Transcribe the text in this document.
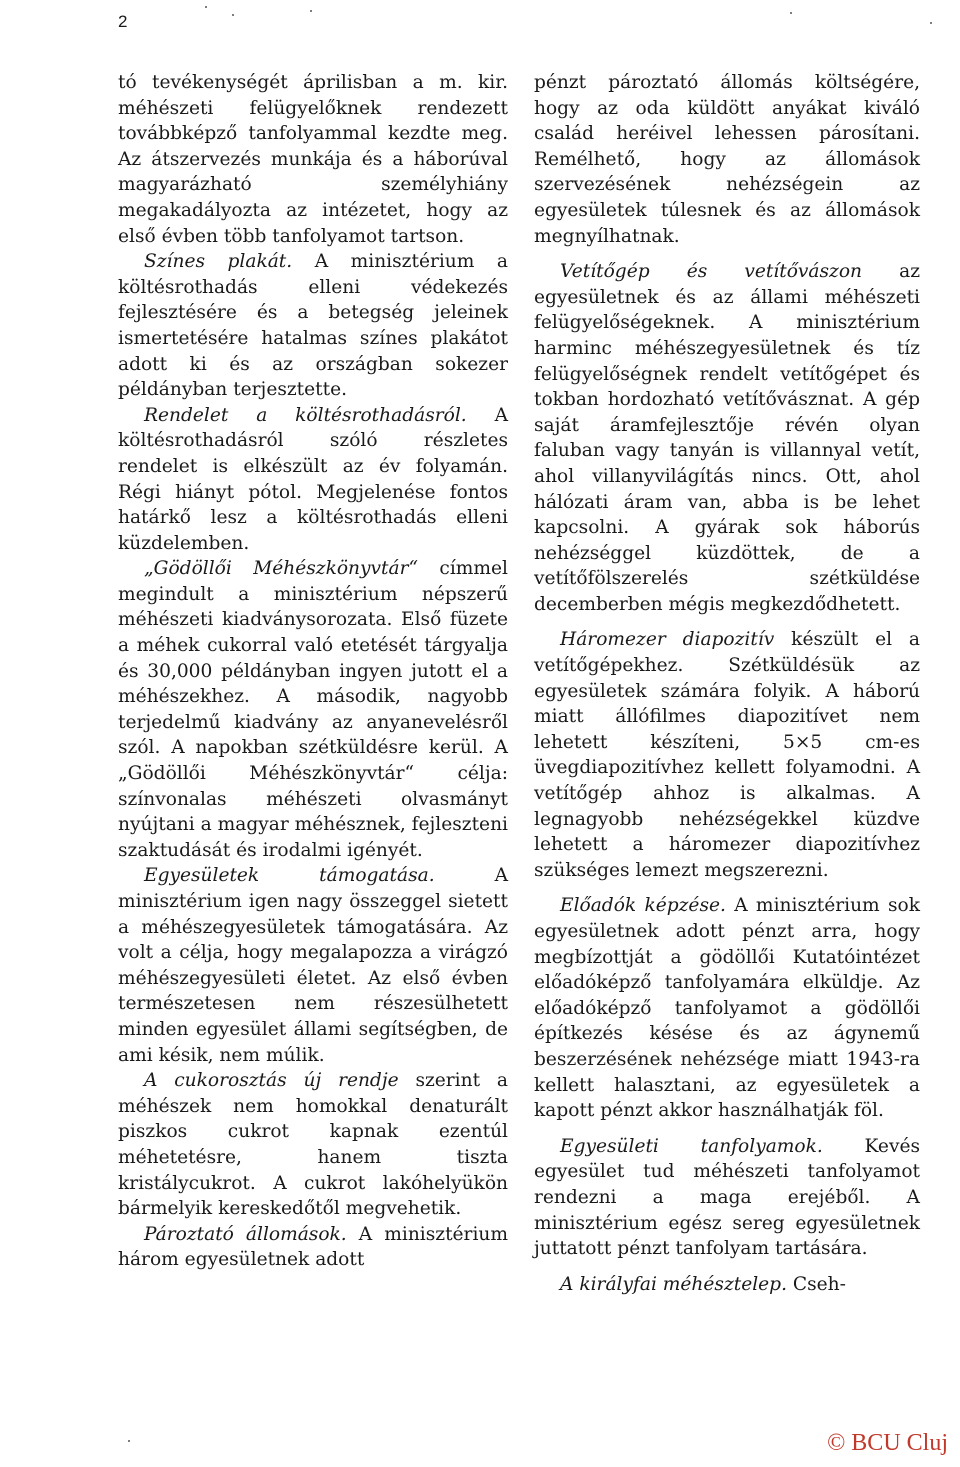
2

tó tevékenységét áprilisban a m. kir. méhészeti felügyelőknek rendezett továbbképző tanfolyammal kezdte meg. Az átszervezés munkája és a háborúval magyarázható személyhiány megakadályozta az intézetet, hogy az első évben több tanfolyamot tartson.

Színes plakát. A minisztérium a költésrothadás elleni védekezés fejlesztésére és a betegség jeleinek ismertetésére hatalmas színes plakátot adott ki és az országban sokezer példányban terjesztette.

Rendelet a költésrothadásról. A költésrothadásról szóló részletes rendelet is elkészült az év folyamán. Régi hiányt pótol. Megjelenése fontos határkő lesz a költésrothadás elleni küzdelemben.

„Gödöllői Méhészkönyvtár“ címmel megindult a minisztérium népszerű méhészeti kiadványsorozata. Első füzete a méhek cukorral való etetését tárgyalja és 30,000 példányban ingyen jutott el a méhészekhez. A második, nagyobb terjedelmű kiadvány az anyanevelésről szól. A napokban szétküldésre kerül. A „Gödöllői Méhészkönyvtár“ célja: színvonalas méhészeti olvasmányt nyújtani a magyar méhésznek, fejleszteni szaktudását és irodalmi igényét.

Egyesületek támogatása. A minisztérium igen nagy összeggel sietett a méhészegyesületek támogatására. Az volt a célja, hogy megalapozza a virágzó méhészegyesületi életet. Az első évben természetesen nem részesülhetett minden egyesület állami segítségben, de ami késik, nem múlik.

A cukorosztás új rendje szerint a méhészek nem homokkal denaturált piszkos cukrot kapnak ezentúl méhetetésre, hanem tiszta kristálycukrot. A cukrot lakóhelyükön bármelyik kereskedőtől megvehetik.

Pároztató állomások. A minisztérium három egyesületnek adott

pénzt pároztató állomás költségére, hogy az oda küldött anyákat kiváló család heréivel lehessen párosítani. Remélhető, hogy az állomások szervezésének nehézségein az egyesületek túlesnek és az állomások megnyílhatnak.

Vetítőgép és vetítővászon az egyesületnek és az állami méhészeti felügyelőségeknek. A minisztérium harminc méhészegyesületnek és tíz felügyelőségnek rendelt vetítőgépet és tokban hordozható vetítővásznat. A gép saját áramfejlesztője révén olyan faluban vagy tanyán is villannyal vetít, ahol villanyvilágítás nincs. Ott, ahol hálózati áram van, abba is be lehet kapcsolni. A gyárak sok háborús nehézséggel küzdöttek, de a vetítőfölszerelés szétküldése decemberben mégis megkezdődhetett.

Háromezer diapozitív készült el a vetítőgépekhez. Szétküldésük az egyesületek számára folyik. A háború miatt állófilmes diapozitívet nem lehetett készíteni, 5×5 cm-es üvegdiapozitívhez kellett folyamodni. A vetítőgép ahhoz is alkalmas. A legnagyobb nehézségekkel küzdve lehetett a háromezer diapozitívhez szükséges lemezt megszerezni.

Előadók képzése. A minisztérium sok egyesületnek adott pénzt arra, hogy megbízottját a gödöllői Kutatóintézet előadóképző tanfolyamára elküldje. Az előadóképző tanfolyamot a gödöllői építkezés késése és az ágynemű beszerzésének nehézsége miatt 1943-ra kellett halasztani, az egyesületek a kapott pénzt akkor használhatják föl.

Egyesületi tanfolyamok. Kevés egyesület tud méhészeti tanfolyamot rendezni a maga erejéből. A minisztérium egész sereg egyesületnek juttatott pénzt tanfolyam tartására.

A királyfai méhésztelep. Cseh-

© BCU Cluj
